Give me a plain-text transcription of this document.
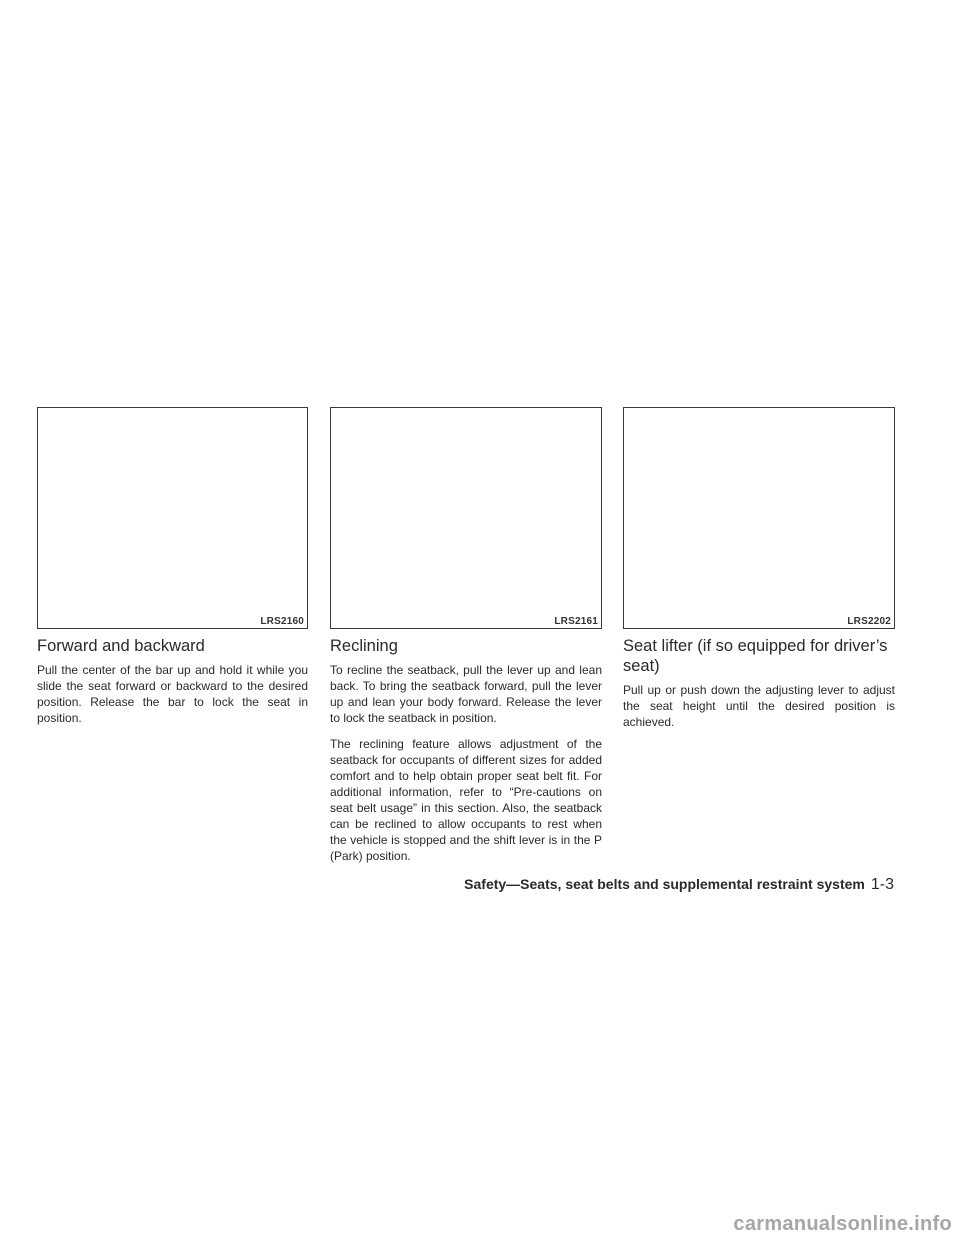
LRS2160	LRS2161	LRS2202
Forward and backward

Pull the center of the bar up and hold it while you slide the seat forward or backward to the desired position. Release the bar to lock the seat in position.

Reclining

To recline the seatback, pull the lever up and lean back. To bring the seatback forward, pull the lever up and lean your body forward. Release the lever to lock the seatback in position.

The reclining feature allows adjustment of the seatback for occupants of different sizes for added comfort and to help obtain proper seat belt fit. For additional information, refer to “Pre-cautions on seat belt usage” in this section. Also, the seatback can be reclined to allow occupants to rest when the vehicle is stopped and the shift lever is in the P (Park) position.

Seat lifter (if so equipped for driver’s seat)

Pull up or push down the adjusting lever to adjust the seat height until the desired position is achieved.

Safety—Seats, seat belts and supplemental restraint system 1-3
carmanualsonline.info
